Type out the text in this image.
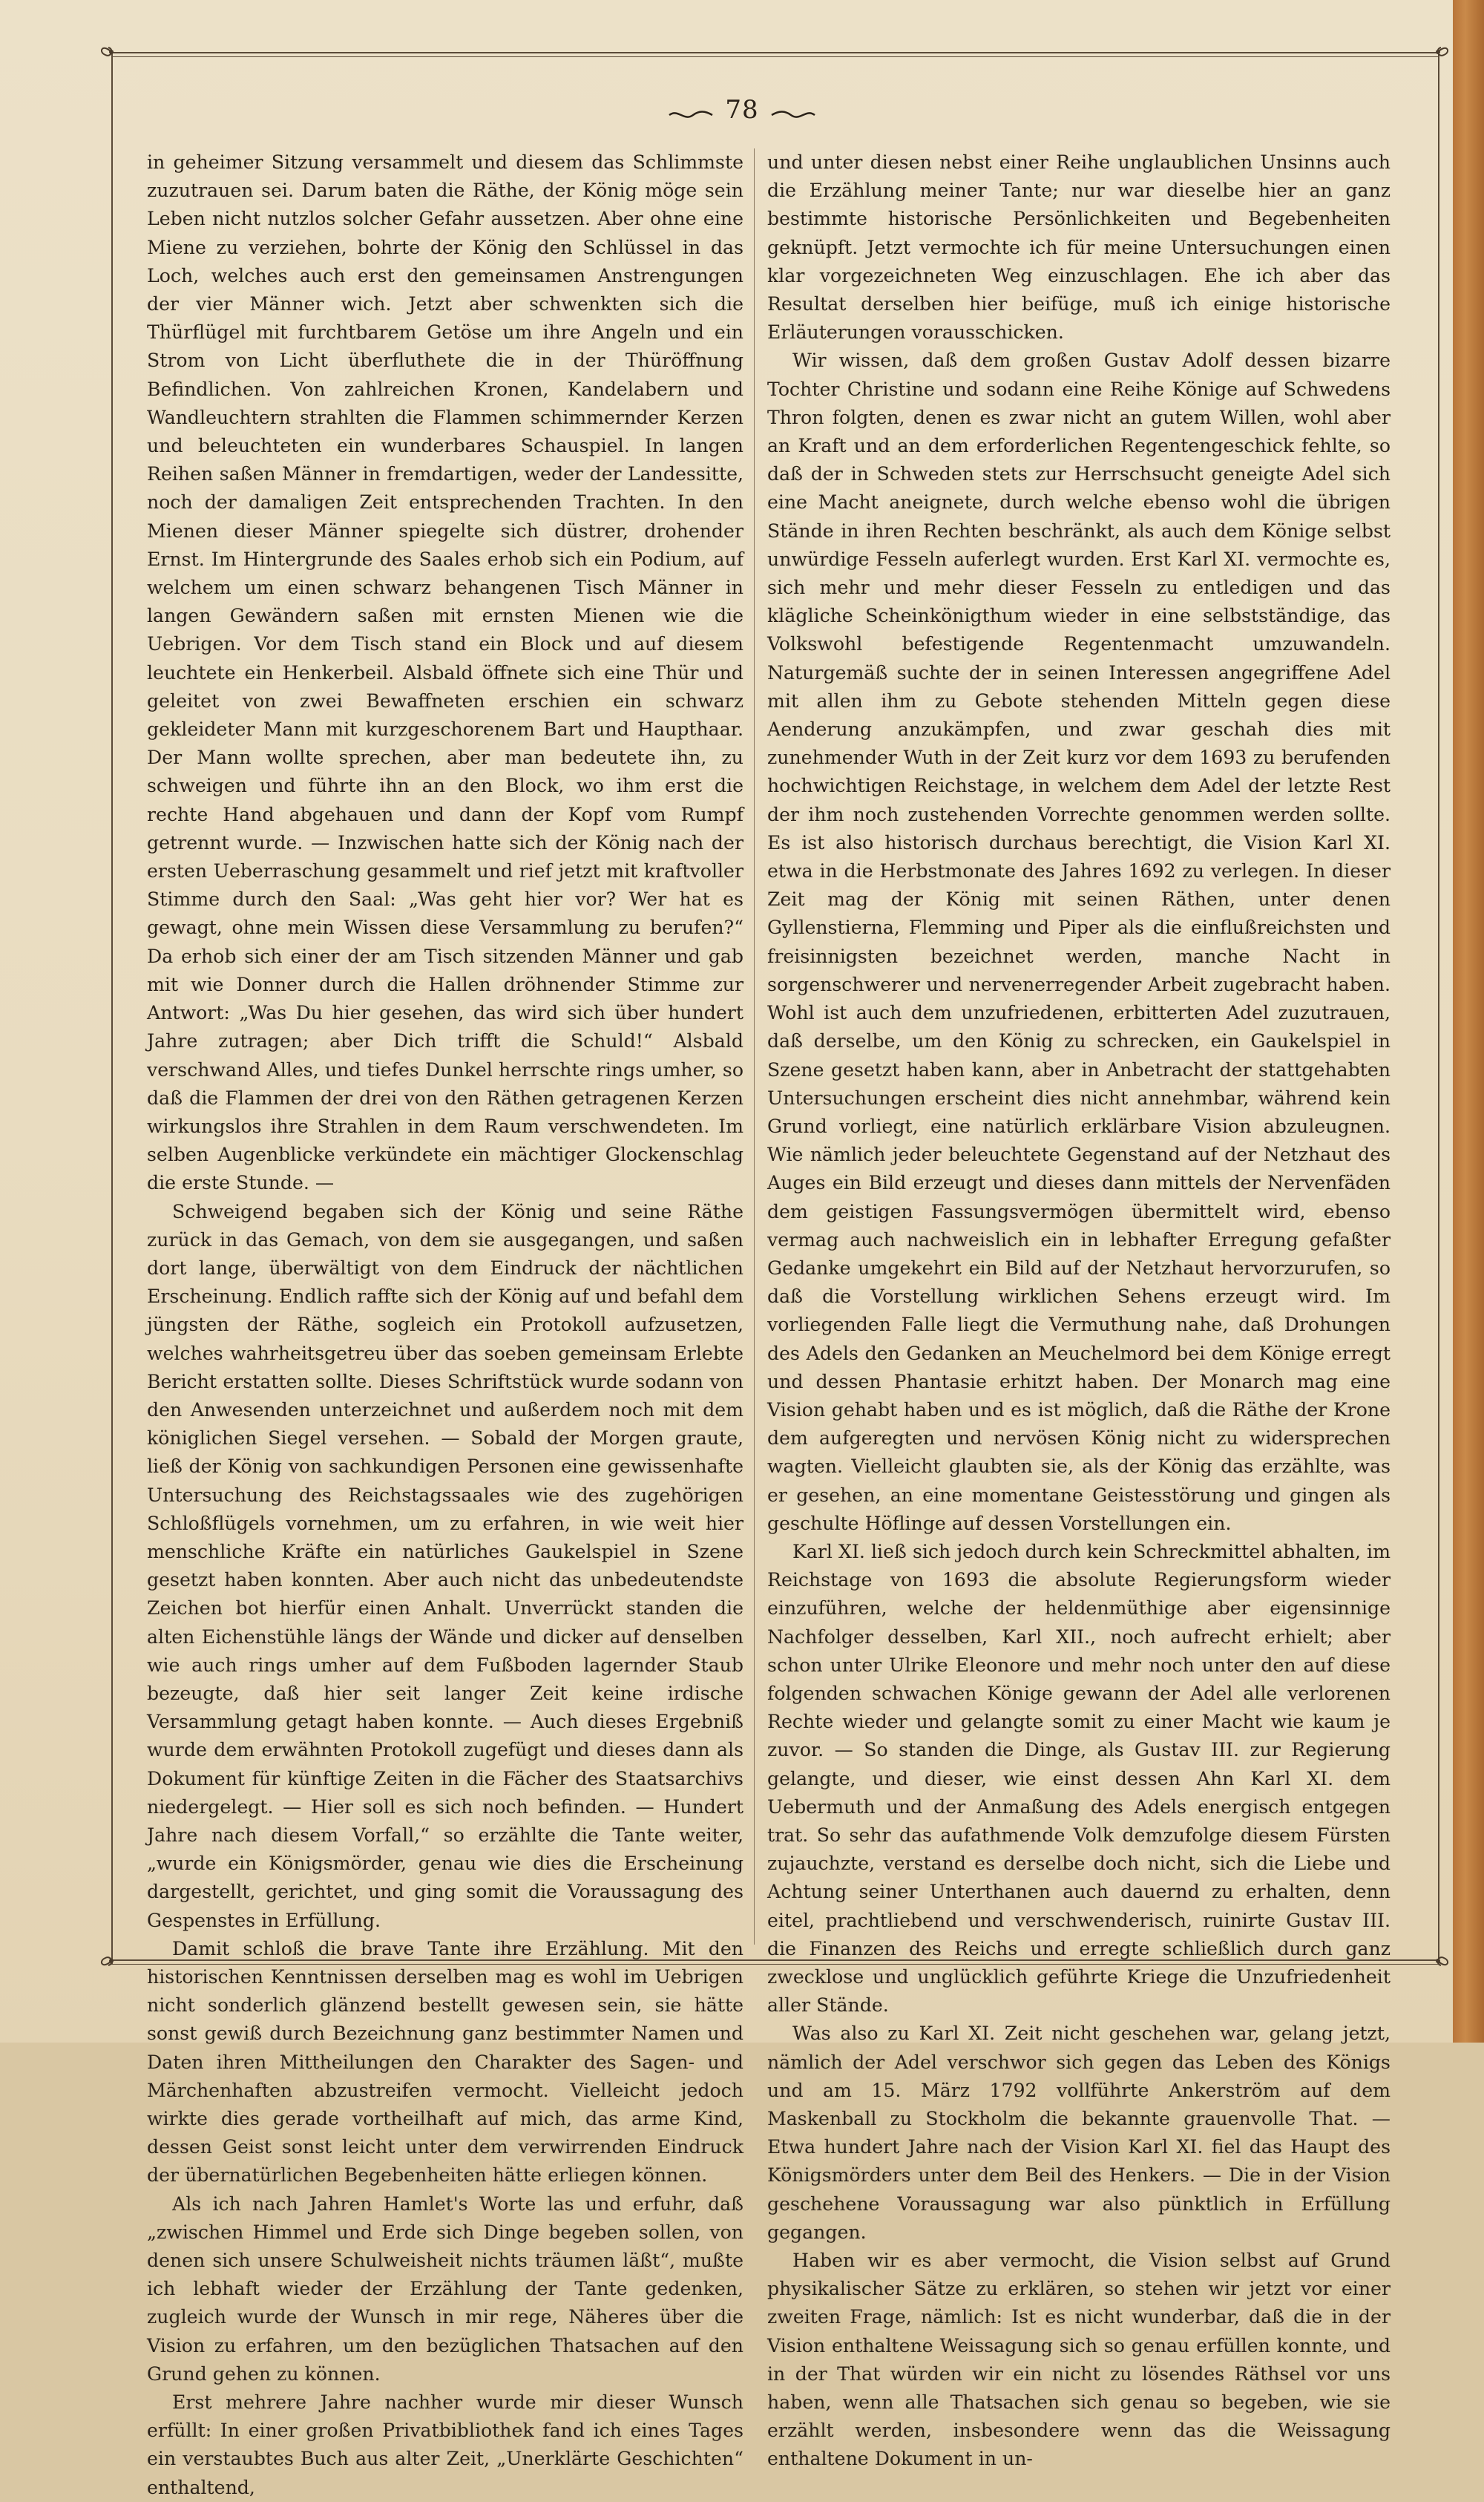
78

in geheimer Sitzung versammelt und diesem das Schlimmste zuzutrauen sei. Darum baten die Räthe, der König möge sein Leben nicht nutzlos solcher Gefahr aussetzen. Aber ohne eine Miene zu verziehen, bohrte der König den Schlüssel in das Loch, welches auch erst den gemeinsamen Anstrengungen der vier Männer wich. Jetzt aber schwenkten sich die Thürflügel mit furchtbarem Getöse um ihre Angeln und ein Strom von Licht überfluthete die in der Thüröffnung Befindlichen. Von zahlreichen Kronen, Kandelabern und Wandleuchtern strahlten die Flammen schimmernder Kerzen und beleuchteten ein wunderbares Schauspiel. In langen Reihen saßen Männer in fremdartigen, weder der Landessitte, noch der damaligen Zeit entsprechenden Trachten. In den Mienen dieser Männer spiegelte sich düstrer, drohender Ernst. Im Hintergrunde des Saales erhob sich ein Podium, auf welchem um einen schwarz behangenen Tisch Männer in langen Gewändern saßen mit ernsten Mienen wie die Uebrigen. Vor dem Tisch stand ein Block und auf diesem leuchtete ein Henkerbeil. Alsbald öffnete sich eine Thür und geleitet von zwei Bewaffneten erschien ein schwarz gekleideter Mann mit kurzgeschorenem Bart und Haupthaar. Der Mann wollte sprechen, aber man bedeutete ihn, zu schweigen und führte ihn an den Block, wo ihm erst die rechte Hand abgehauen und dann der Kopf vom Rumpf getrennt wurde. — Inzwischen hatte sich der König nach der ersten Ueberraschung gesammelt und rief jetzt mit kraftvoller Stimme durch den Saal: „Was geht hier vor? Wer hat es gewagt, ohne mein Wissen diese Versammlung zu berufen?“ Da erhob sich einer der am Tisch sitzenden Männer und gab mit wie Donner durch die Hallen dröhnender Stimme zur Antwort: „Was Du hier gesehen, das wird sich über hundert Jahre zutragen; aber Dich trifft die Schuld!“ Alsbald verschwand Alles, und tiefes Dunkel herrschte rings umher, so daß die Flammen der drei von den Räthen getragenen Kerzen wirkungslos ihre Strahlen in dem Raum verschwendeten. Im selben Augenblicke verkündete ein mächtiger Glockenschlag die erste Stunde. —

Schweigend begaben sich der König und seine Räthe zurück in das Gemach, von dem sie ausgegangen, und saßen dort lange, überwältigt von dem Eindruck der nächtlichen Erscheinung. Endlich raffte sich der König auf und befahl dem jüngsten der Räthe, sogleich ein Protokoll aufzusetzen, welches wahrheitsgetreu über das soeben gemeinsam Erlebte Bericht erstatten sollte. Dieses Schriftstück wurde sodann von den Anwesenden unterzeichnet und außerdem noch mit dem königlichen Siegel versehen. — Sobald der Morgen graute, ließ der König von sachkundigen Personen eine gewissenhafte Untersuchung des Reichstagssaales wie des zugehörigen Schloßflügels vornehmen, um zu erfahren, in wie weit hier menschliche Kräfte ein natürliches Gaukelspiel in Szene gesetzt haben konnten. Aber auch nicht das unbedeutendste Zeichen bot hierfür einen Anhalt. Unverrückt standen die alten Eichenstühle längs der Wände und dicker auf denselben wie auch rings umher auf dem Fußboden lagernder Staub bezeugte, daß hier seit langer Zeit keine irdische Versammlung getagt haben konnte. — Auch dieses Ergebniß wurde dem erwähnten Protokoll zugefügt und dieses dann als Dokument für künftige Zeiten in die Fächer des Staatsarchivs niedergelegt. — Hier soll es sich noch befinden. — Hundert Jahre nach diesem Vorfall,“ so erzählte die Tante weiter, „wurde ein Königsmörder, genau wie dies die Erscheinung dargestellt, gerichtet, und ging somit die Voraussagung des Gespenstes in Erfüllung.

Damit schloß die brave Tante ihre Erzählung. Mit den historischen Kenntnissen derselben mag es wohl im Uebrigen nicht sonderlich glänzend bestellt gewesen sein, sie hätte sonst gewiß durch Bezeichnung ganz bestimmter Namen und Daten ihren Mittheilungen den Charakter des Sagen- und Märchenhaften abzustreifen vermocht. Vielleicht jedoch wirkte dies gerade vortheilhaft auf mich, das arme Kind, dessen Geist sonst leicht unter dem verwirrenden Eindruck der übernatürlichen Begebenheiten hätte erliegen können.

Als ich nach Jahren Hamlet's Worte las und erfuhr, daß „zwischen Himmel und Erde sich Dinge begeben sollen, von denen sich unsere Schulweisheit nichts träumen läßt“, mußte ich lebhaft wieder der Erzählung der Tante gedenken, zugleich wurde der Wunsch in mir rege, Näheres über die Vision zu erfahren, um den bezüglichen Thatsachen auf den Grund gehen zu können.

Erst mehrere Jahre nachher wurde mir dieser Wunsch erfüllt: In einer großen Privatbibliothek fand ich eines Tages ein verstaubtes Buch aus alter Zeit, „Unerklärte Geschichten“ enthaltend,

und unter diesen nebst einer Reihe unglaublichen Unsinns auch die Erzählung meiner Tante; nur war dieselbe hier an ganz bestimmte historische Persönlichkeiten und Begebenheiten geknüpft. Jetzt vermochte ich für meine Untersuchungen einen klar vorgezeichneten Weg einzuschlagen. Ehe ich aber das Resultat derselben hier beifüge, muß ich einige historische Erläuterungen vorausschicken.

Wir wissen, daß dem großen Gustav Adolf dessen bizarre Tochter Christine und sodann eine Reihe Könige auf Schwedens Thron folgten, denen es zwar nicht an gutem Willen, wohl aber an Kraft und an dem erforderlichen Regentengeschick fehlte, so daß der in Schweden stets zur Herrschsucht geneigte Adel sich eine Macht aneignete, durch welche ebenso wohl die übrigen Stände in ihren Rechten beschränkt, als auch dem Könige selbst unwürdige Fesseln auferlegt wurden. Erst Karl XI. vermochte es, sich mehr und mehr dieser Fesseln zu entledigen und das klägliche Scheinkönigthum wieder in eine selbstständige, das Volkswohl befestigende Regentenmacht umzuwandeln. Naturgemäß suchte der in seinen Interessen angegriffene Adel mit allen ihm zu Gebote stehenden Mitteln gegen diese Aenderung anzukämpfen, und zwar geschah dies mit zunehmender Wuth in der Zeit kurz vor dem 1693 zu berufenden hochwichtigen Reichstage, in welchem dem Adel der letzte Rest der ihm noch zustehenden Vorrechte genommen werden sollte. Es ist also historisch durchaus berechtigt, die Vision Karl XI. etwa in die Herbstmonate des Jahres 1692 zu verlegen. In dieser Zeit mag der König mit seinen Räthen, unter denen Gyllenstierna, Flemming und Piper als die einflußreichsten und freisinnigsten bezeichnet werden, manche Nacht in sorgenschwerer und nervenerregender Arbeit zugebracht haben. Wohl ist auch dem unzufriedenen, erbitterten Adel zuzutrauen, daß derselbe, um den König zu schrecken, ein Gaukelspiel in Szene gesetzt haben kann, aber in Anbetracht der stattgehabten Untersuchungen erscheint dies nicht annehmbar, während kein Grund vorliegt, eine natürlich erklärbare Vision abzuleugnen. Wie nämlich jeder beleuchtete Gegenstand auf der Netzhaut des Auges ein Bild erzeugt und dieses dann mittels der Nervenfäden dem geistigen Fassungsvermögen übermittelt wird, ebenso vermag auch nachweislich ein in lebhafter Erregung gefaßter Gedanke umgekehrt ein Bild auf der Netzhaut hervorzurufen, so daß die Vorstellung wirklichen Sehens erzeugt wird. Im vorliegenden Falle liegt die Vermuthung nahe, daß Drohungen des Adels den Gedanken an Meuchelmord bei dem Könige erregt und dessen Phantasie erhitzt haben. Der Monarch mag eine Vision gehabt haben und es ist möglich, daß die Räthe der Krone dem aufgeregten und nervösen König nicht zu widersprechen wagten. Vielleicht glaubten sie, als der König das erzählte, was er gesehen, an eine momentane Geistesstörung und gingen als geschulte Höflinge auf dessen Vorstellungen ein.

Karl XI. ließ sich jedoch durch kein Schreckmittel abhalten, im Reichstage von 1693 die absolute Regierungsform wieder einzuführen, welche der heldenmüthige aber eigensinnige Nachfolger desselben, Karl XII., noch aufrecht erhielt; aber schon unter Ulrike Eleonore und mehr noch unter den auf diese folgenden schwachen Könige gewann der Adel alle verlorenen Rechte wieder und gelangte somit zu einer Macht wie kaum je zuvor. — So standen die Dinge, als Gustav III. zur Regierung gelangte, und dieser, wie einst dessen Ahn Karl XI. dem Uebermuth und der Anmaßung des Adels energisch entgegen trat. So sehr das aufathmende Volk demzufolge diesem Fürsten zujauchzte, verstand es derselbe doch nicht, sich die Liebe und Achtung seiner Unterthanen auch dauernd zu erhalten, denn eitel, prachtliebend und verschwenderisch, ruinirte Gustav III. die Finanzen des Reichs und erregte schließlich durch ganz zwecklose und unglücklich geführte Kriege die Unzufriedenheit aller Stände.

Was also zu Karl XI. Zeit nicht geschehen war, gelang jetzt, nämlich der Adel verschwor sich gegen das Leben des Königs und am 15. März 1792 vollführte Ankerström auf dem Maskenball zu Stockholm die bekannte grauenvolle That. — Etwa hundert Jahre nach der Vision Karl XI. fiel das Haupt des Königsmörders unter dem Beil des Henkers. — Die in der Vision geschehene Voraussagung war also pünktlich in Erfüllung gegangen.

Haben wir es aber vermocht, die Vision selbst auf Grund physikalischer Sätze zu erklären, so stehen wir jetzt vor einer zweiten Frage, nämlich: Ist es nicht wunderbar, daß die in der Vision enthaltene Weissagung sich so genau erfüllen konnte, und in der That würden wir ein nicht zu lösendes Räthsel vor uns haben, wenn alle Thatsachen sich genau so begeben, wie sie erzählt werden, insbesondere wenn das die Weissagung enthaltene Dokument in un-
